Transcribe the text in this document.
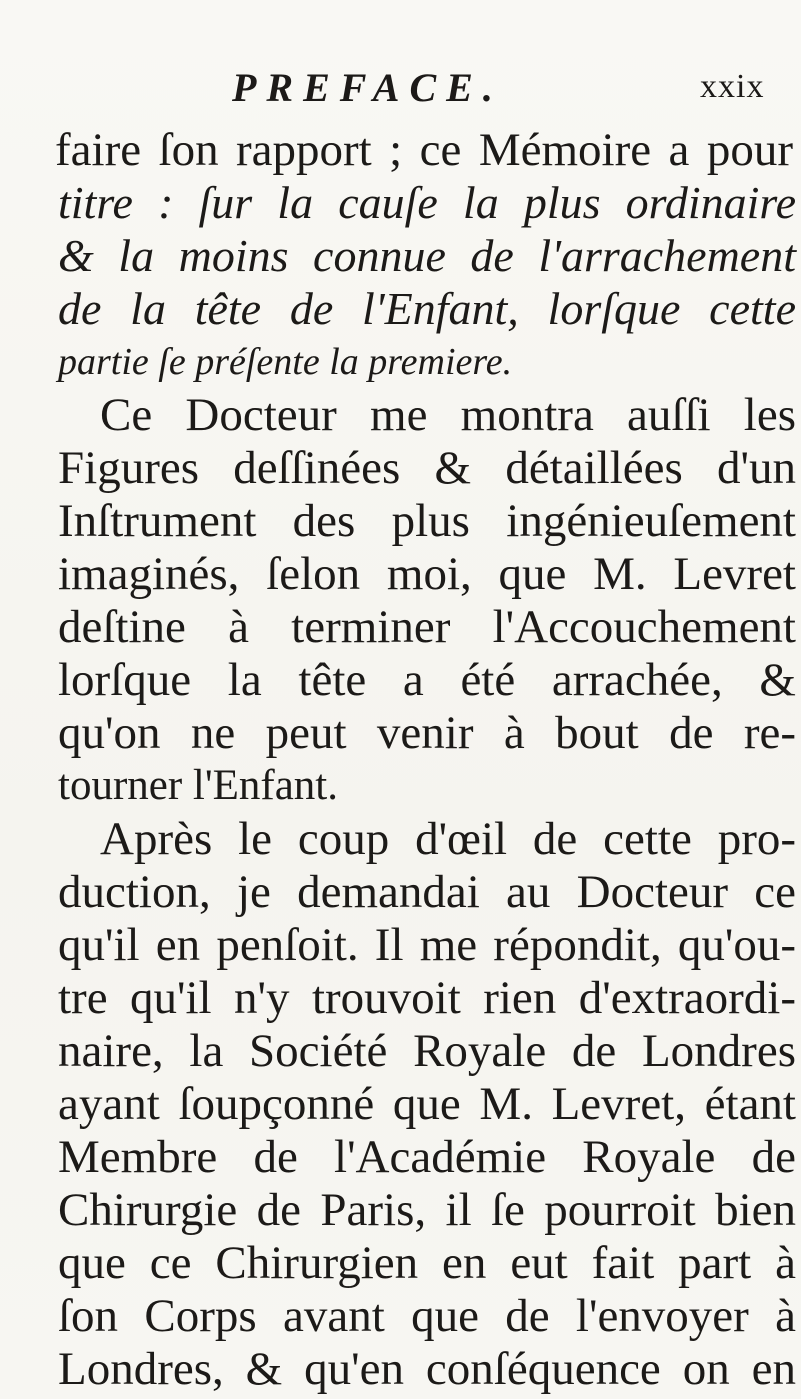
PREFACE.	xxix
faire ſon rapport ; ce Mémoire a pour
titre : ſur la cauſe la plus ordinaire
& la moins connue de l'arrachement
de la tête de l'Enfant, lorſque cette
partie ſe préſente la premiere.
Ce Docteur me montra auſſi les
Figures deſſinées & détaillées d'un
Inſtrument des plus ingénieuſement
imaginés, ſelon moi, que M. Levret
deſtine à terminer l'Accouchement
lorſque la tête a été arrachée, &
qu'on ne peut venir à bout de re-
tourner l'Enfant.
Après le coup d'œil de cette pro-
duction, je demandai au Docteur ce
qu'il en penſoit. Il me répondit, qu'ou-
tre qu'il n'y trouvoit rien d'extraordi-
naire, la Société Royale de Londres
ayant ſoupçonné que M. Levret, étant
Membre de l'Académie Royale de
Chirurgie de Paris, il ſe pourroit bien
que ce Chirurgien en eut fait part à
ſon Corps avant que de l'envoyer à
Londres, & qu'en conſéquence on en
